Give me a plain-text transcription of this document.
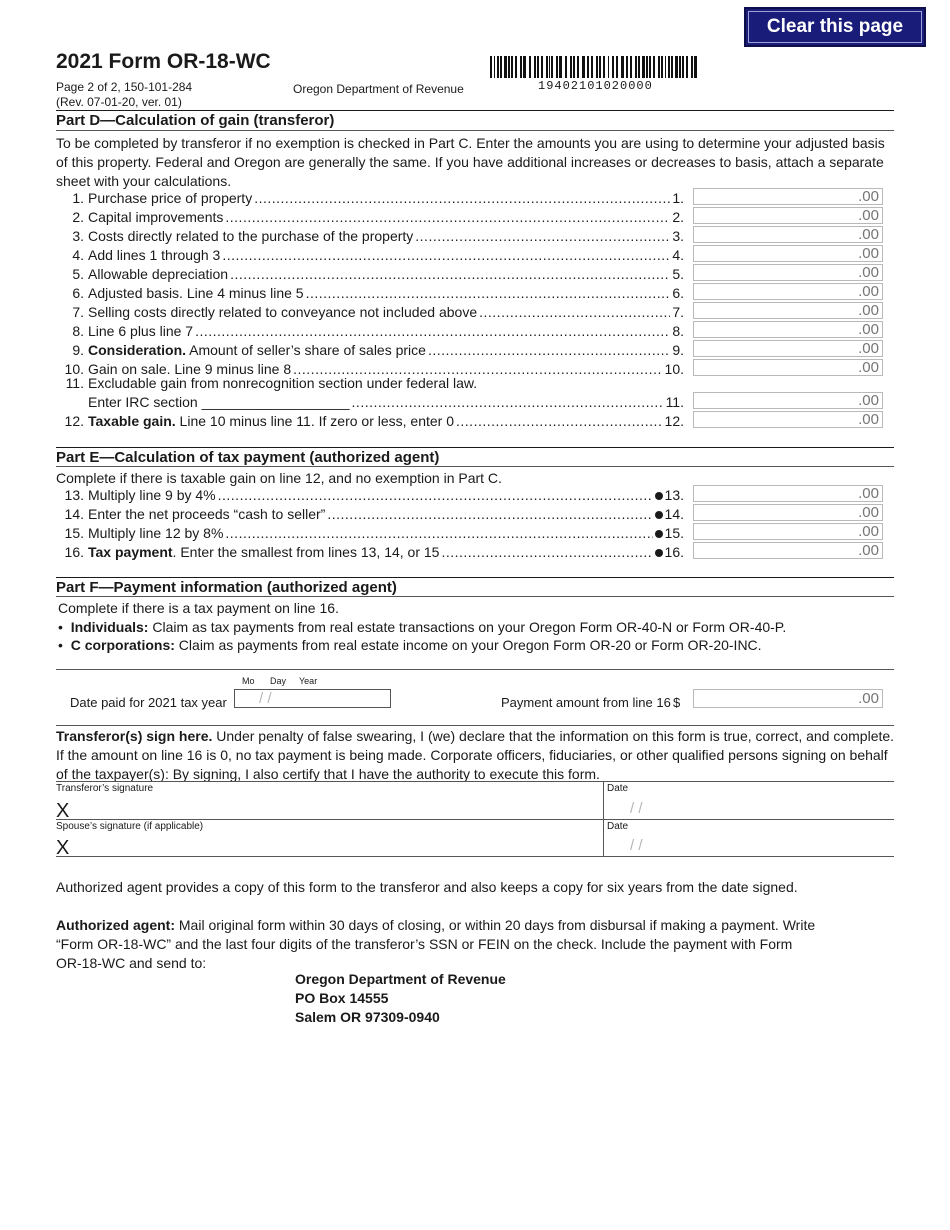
Clear this page
2021 Form OR-18-WC
Page 2 of 2, 150-101-284
(Rev. 07-01-20, ver. 01)
Oregon Department of Revenue	19402101020000
Part D—Calculation of gain (transferor)
To be completed by transferor if no exemption is checked in Part C. Enter the amounts you are using to determine your adjusted basis of this property. Federal and Oregon are generally the same. If you have additional increases or decreases to basis, attach a separate sheet with your calculations.
1. Purchase price of property .....	1.
.00
2. Capital improvements .....	2.
.00
3. Costs directly related to the purchase of the property .....	3.
.00
4. Add lines 1 through 3 .....	4.
.00
5. Allowable depreciation .....	5.
.00
6. Adjusted basis. Line 4 minus line 5 .....	6.
.00
7. Selling costs directly related to conveyance not included above .....	7.
.00
8. Line 6 plus line 7 .....	8.
.00
9. Consideration. Amount of seller’s share of sales price .....	9.
.00
10. Gain on sale. Line 9 minus line 8 .....	10.
.00
11. Excludable gain from nonrecognition section under federal law.
Enter IRC section ___________________ .....	11.
.00
12. Taxable gain. Line 10 minus line 11. If zero or less, enter 0 .....	12.
.00
Part E—Calculation of tax payment (authorized agent)
Complete if there is taxable gain on line 12, and no exemption in Part C.
13. Multiply line 9 by 4% .....	13.
.00
14. Enter the net proceeds “cash to seller” .....	14.
.00
15. Multiply line 12 by 8% .....	15.
.00
16. Tax payment. Enter the smallest from lines 13, 14, or 15 .....	16.
.00
Part F—Payment information (authorized agent)
Complete if there is a tax payment on line 16.
•  Individuals: Claim as tax payments from real estate transactions on your Oregon Form OR-40-N or Form OR-40-P.
•  C corporations: Claim as payments from real estate income on your Oregon Form OR-20 or Form OR-20-INC.
Mo Day Year
Date paid for 2021 tax year / /	Payment amount from line 16 $
.00
Transferor(s) sign here. Under penalty of false swearing, I (we) declare that the information on this form is true, correct, and complete. If the amount on line 16 is 0, no tax payment is being made. Corporate officers, fiduciaries, or other qualified persons signing on behalf of the taxpayer(s): By signing, I also certify that I have the authority to execute this form.
Transferor’s signature
X
Date
/ /
Spouse’s signature (if applicable)
X
Date
/ /
Authorized agent provides a copy of this form to the transferor and also keeps a copy for six years from the date signed.
Authorized agent: Mail original form within 30 days of closing, or within 20 days from disbursal if making a payment. Write “Form OR-18-WC” and the last four digits of the transferor’s SSN or FEIN on the check. Include the payment with Form OR-18-WC and send to:
Oregon Department of Revenue
PO Box 14555
Salem OR 97309-0940
